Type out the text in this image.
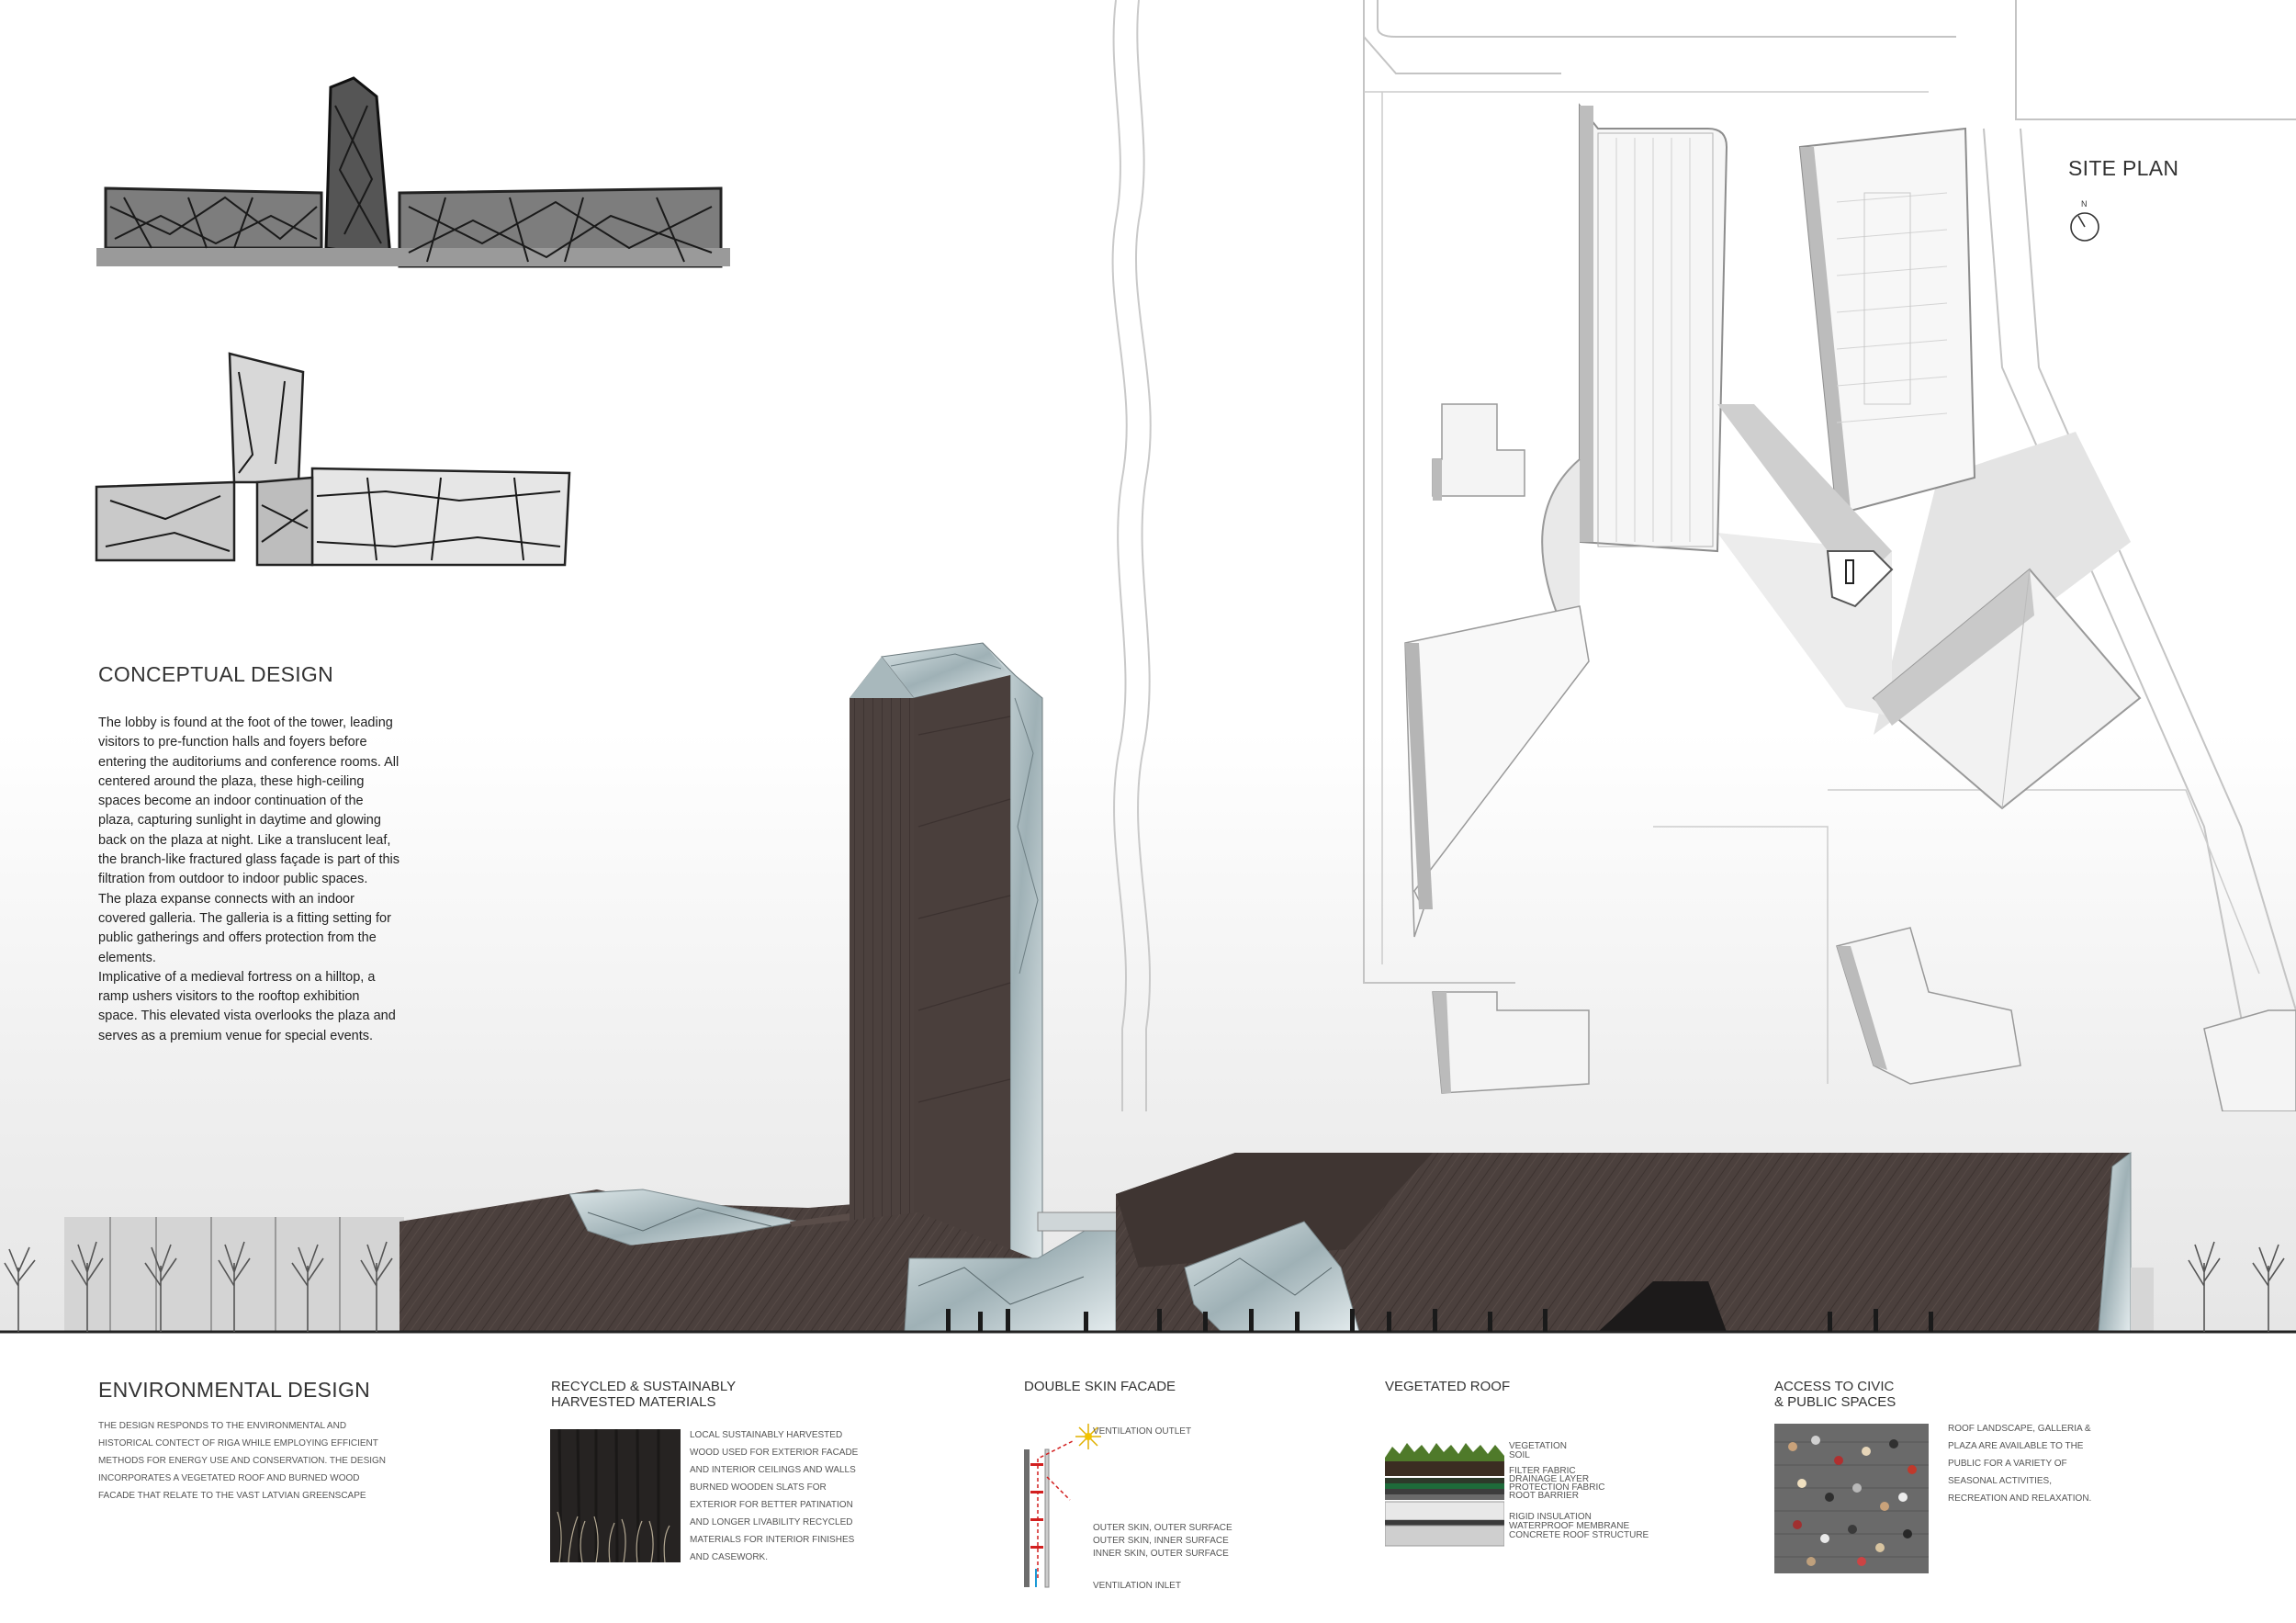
SITE PLAN
N
CONCEPTUAL DESIGN

The lobby is found at the foot of the tower, leading visitors to pre-function halls and foyers before entering the auditoriums and conference rooms. All centered around the plaza, these high-ceiling spaces become an indoor continuation of the plaza, capturing sunlight in daytime and glowing back on the plaza at night. Like a translucent leaf, the branch-like fractured glass façade is part of this filtration from outdoor to indoor public spaces.

The plaza expanse connects with an indoor covered galleria. The galleria is a fitting setting for public gatherings and offers protection from the elements.

Implicative of a medieval fortress on a hilltop, a ramp ushers visitors to the rooftop exhibition space. This elevated vista overlooks the plaza and serves as a premium venue for special events.

ENVIRONMENTAL DESIGN
THE DESIGN RESPONDS TO THE ENVIRONMENTAL AND HISTORICAL CONTECT OF RIGA WHILE EMPLOYING EFFICIENT METHODS FOR ENERGY USE AND CONSERVATION. THE DESIGN INCORPORATES A VEGETATED ROOF AND BURNED WOOD FACADE THAT RELATE TO THE VAST LATVIAN GREENSCAPE
RECYCLED & SUSTAINABLY
HARVESTED MATERIALS
LOCAL SUSTAINABLY HARVESTED WOOD USED FOR EXTERIOR FACADE AND INTERIOR CEILINGS AND WALLS BURNED WOODEN SLATS FOR EXTERIOR FOR BETTER PATINATION AND LONGER LIVABILITY RECYCLED MATERIALS FOR INTERIOR FINISHES AND CASEWORK.
DOUBLE SKIN FACADE
VENTILATION OUTLET
OUTER SKIN, OUTER SURFACE
OUTER SKIN, INNER SURFACE
INNER SKIN, OUTER SURFACE
VENTILATION INLET
VEGETATED ROOF
VEGETATION
SOIL
FILTER FABRIC
DRAINAGE LAYER
PROTECTION FABRIC
ROOT BARRIER
RIGID INSULATION
WATERPROOF MEMBRANE
CONCRETE ROOF STRUCTURE
ACCESS TO CIVIC
& PUBLIC SPACES
ROOF LANDSCAPE, GALLERIA & PLAZA ARE AVAILABLE TO THE PUBLIC FOR A VARIETY OF SEASONAL ACTIVITIES, RECREATION AND RELAXATION.
